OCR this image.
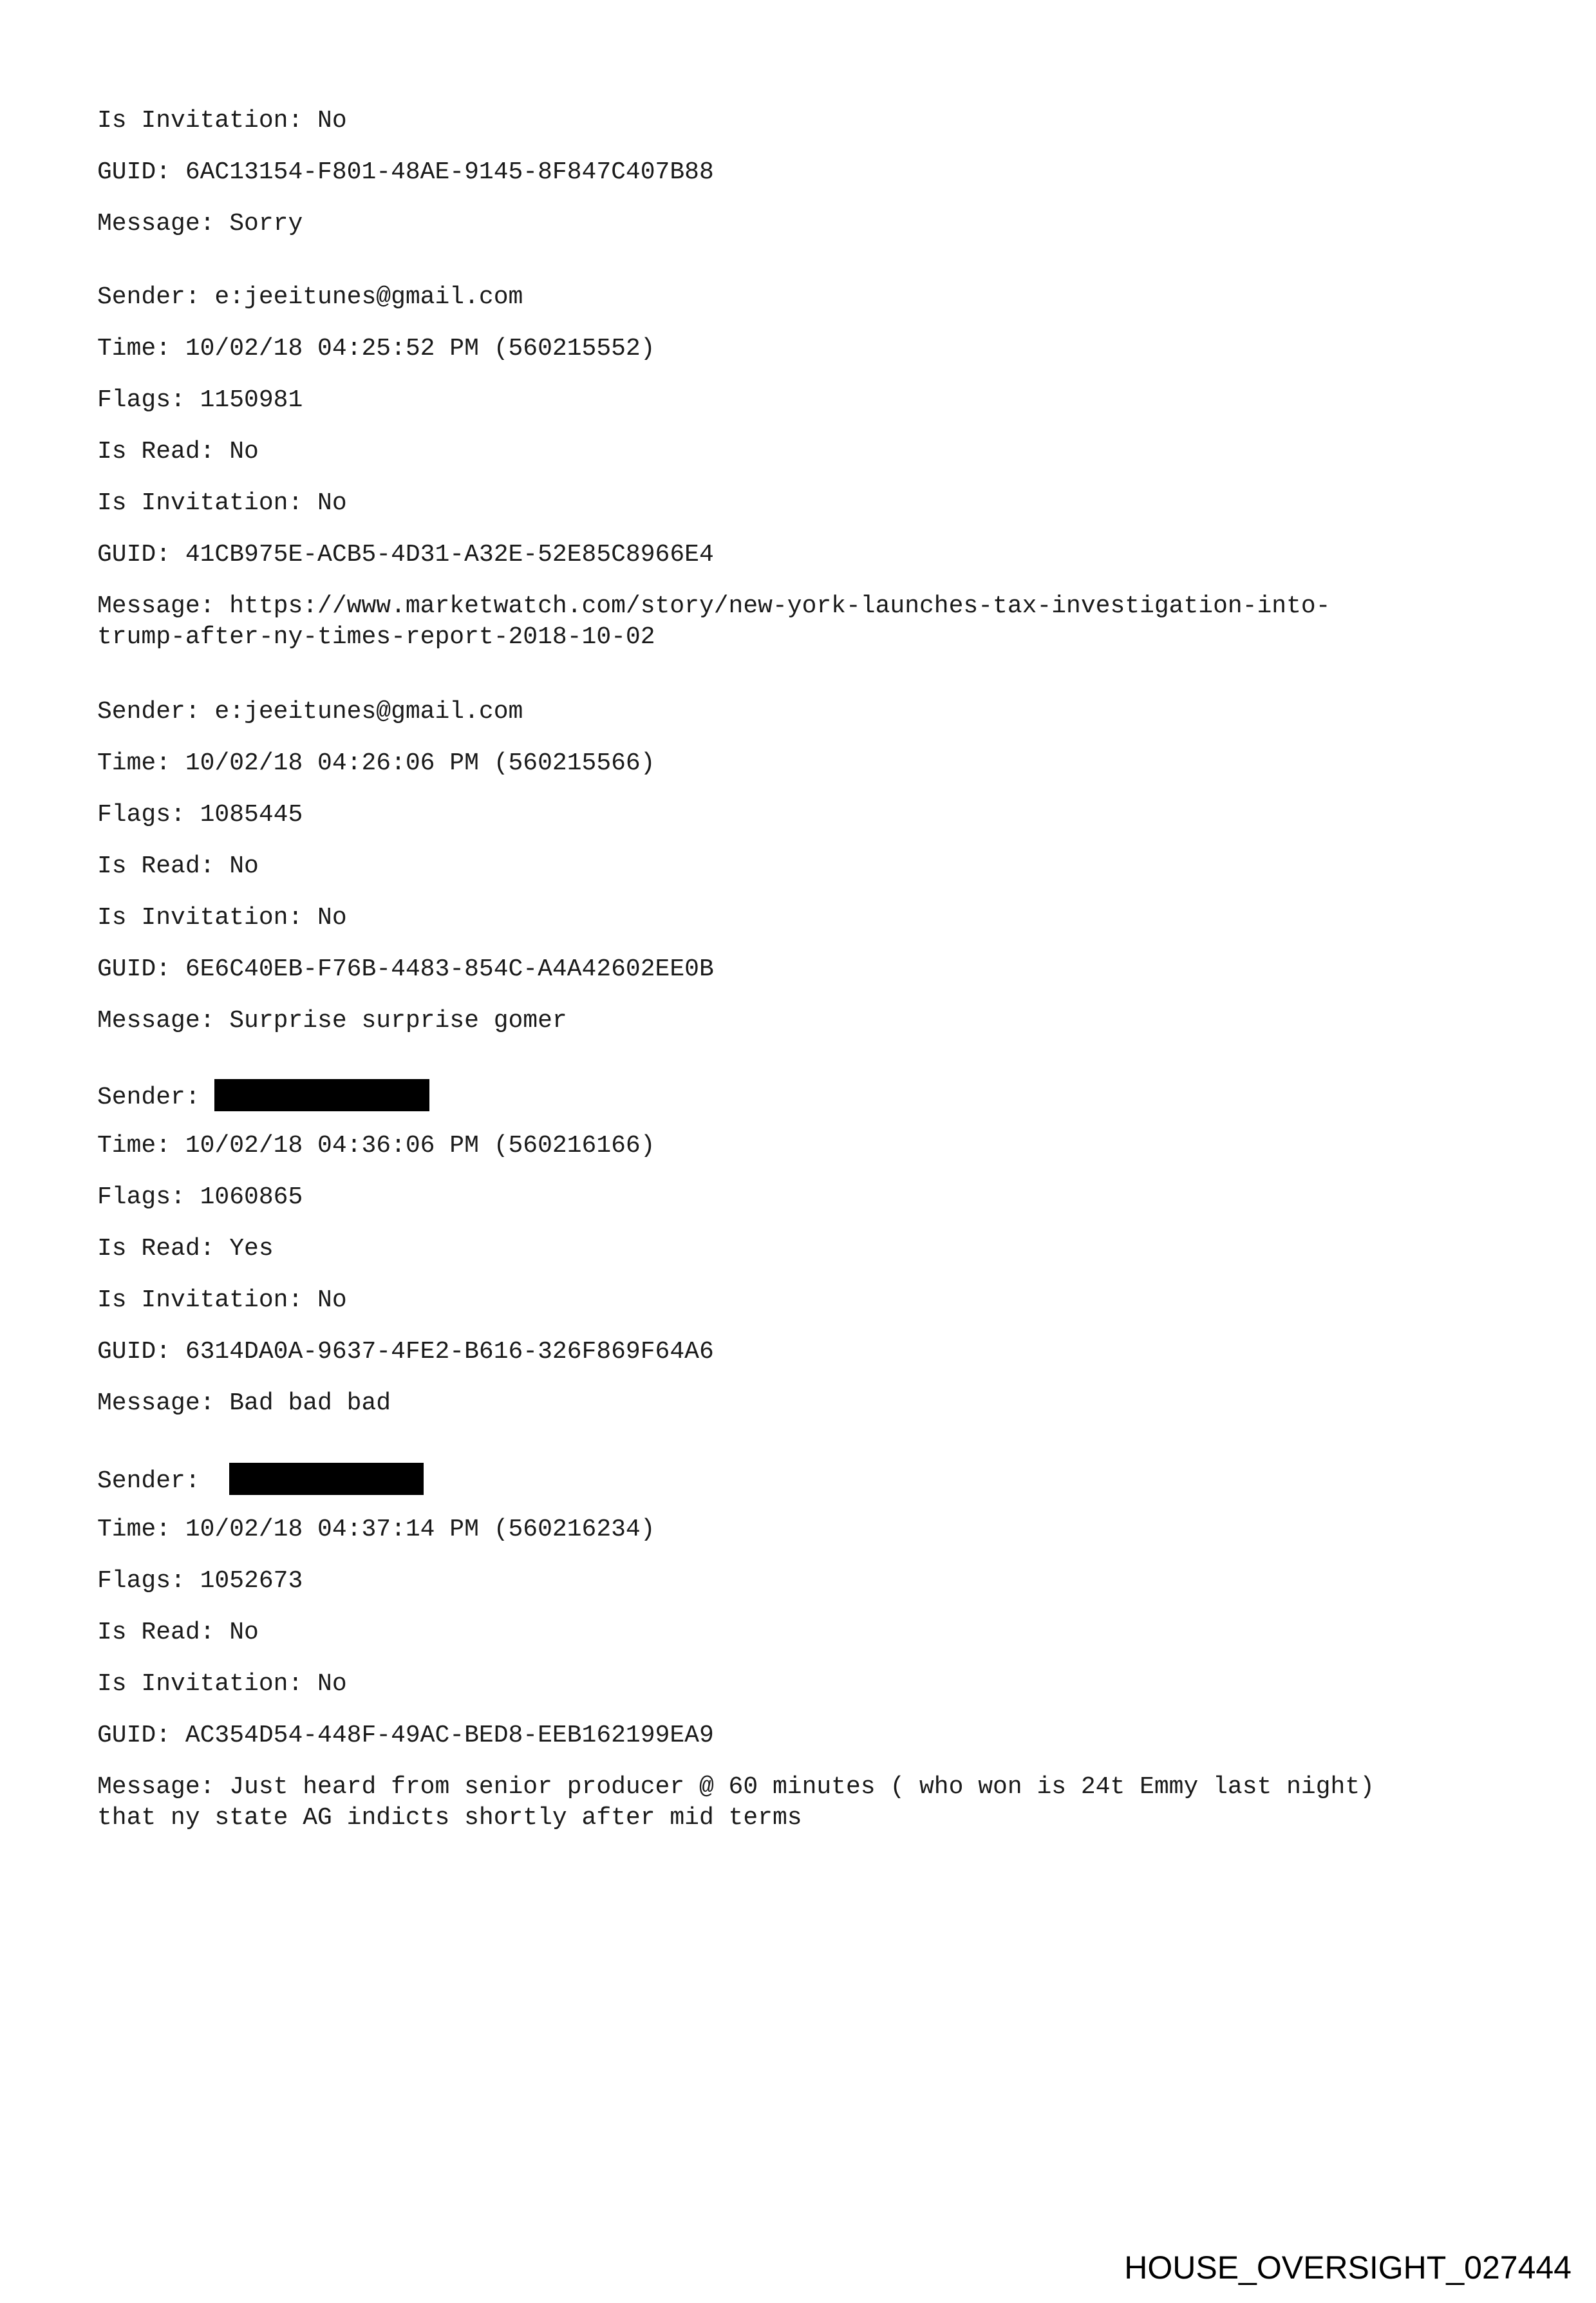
Is Invitation: No
GUID: 6AC13154-F801-48AE-9145-8F847C407B88
Message: Sorry
Sender: e:jeeitunes@gmail.com
Time: 10/02/18 04:25:52 PM (560215552)
Flags: 1150981
Is Read: No
Is Invitation: No
GUID: 41CB975E-ACB5-4D31-A32E-52E85C8966E4
Message: https://www.marketwatch.com/story/new-york-launches-tax-investigation-into-
trump-after-ny-times-report-2018-10-02
Sender: e:jeeitunes@gmail.com
Time: 10/02/18 04:26:06 PM (560215566)
Flags: 1085445
Is Read: No
Is Invitation: No
GUID: 6E6C40EB-F76B-4483-854C-A4A42602EE0B
Message: Surprise surprise gomer
Sender:
Time: 10/02/18 04:36:06 PM (560216166)
Flags: 1060865
Is Read: Yes
Is Invitation: No
GUID: 6314DA0A-9637-4FE2-B616-326F869F64A6
Message: Bad bad bad
Sender:
Time: 10/02/18 04:37:14 PM (560216234)
Flags: 1052673
Is Read: No
Is Invitation: No
GUID: AC354D54-448F-49AC-BED8-EEB162199EA9
Message: Just heard from senior producer @ 60 minutes ( who won is 24t Emmy last night)
that ny state AG indicts shortly after mid terms
HOUSE_OVERSIGHT_027444
